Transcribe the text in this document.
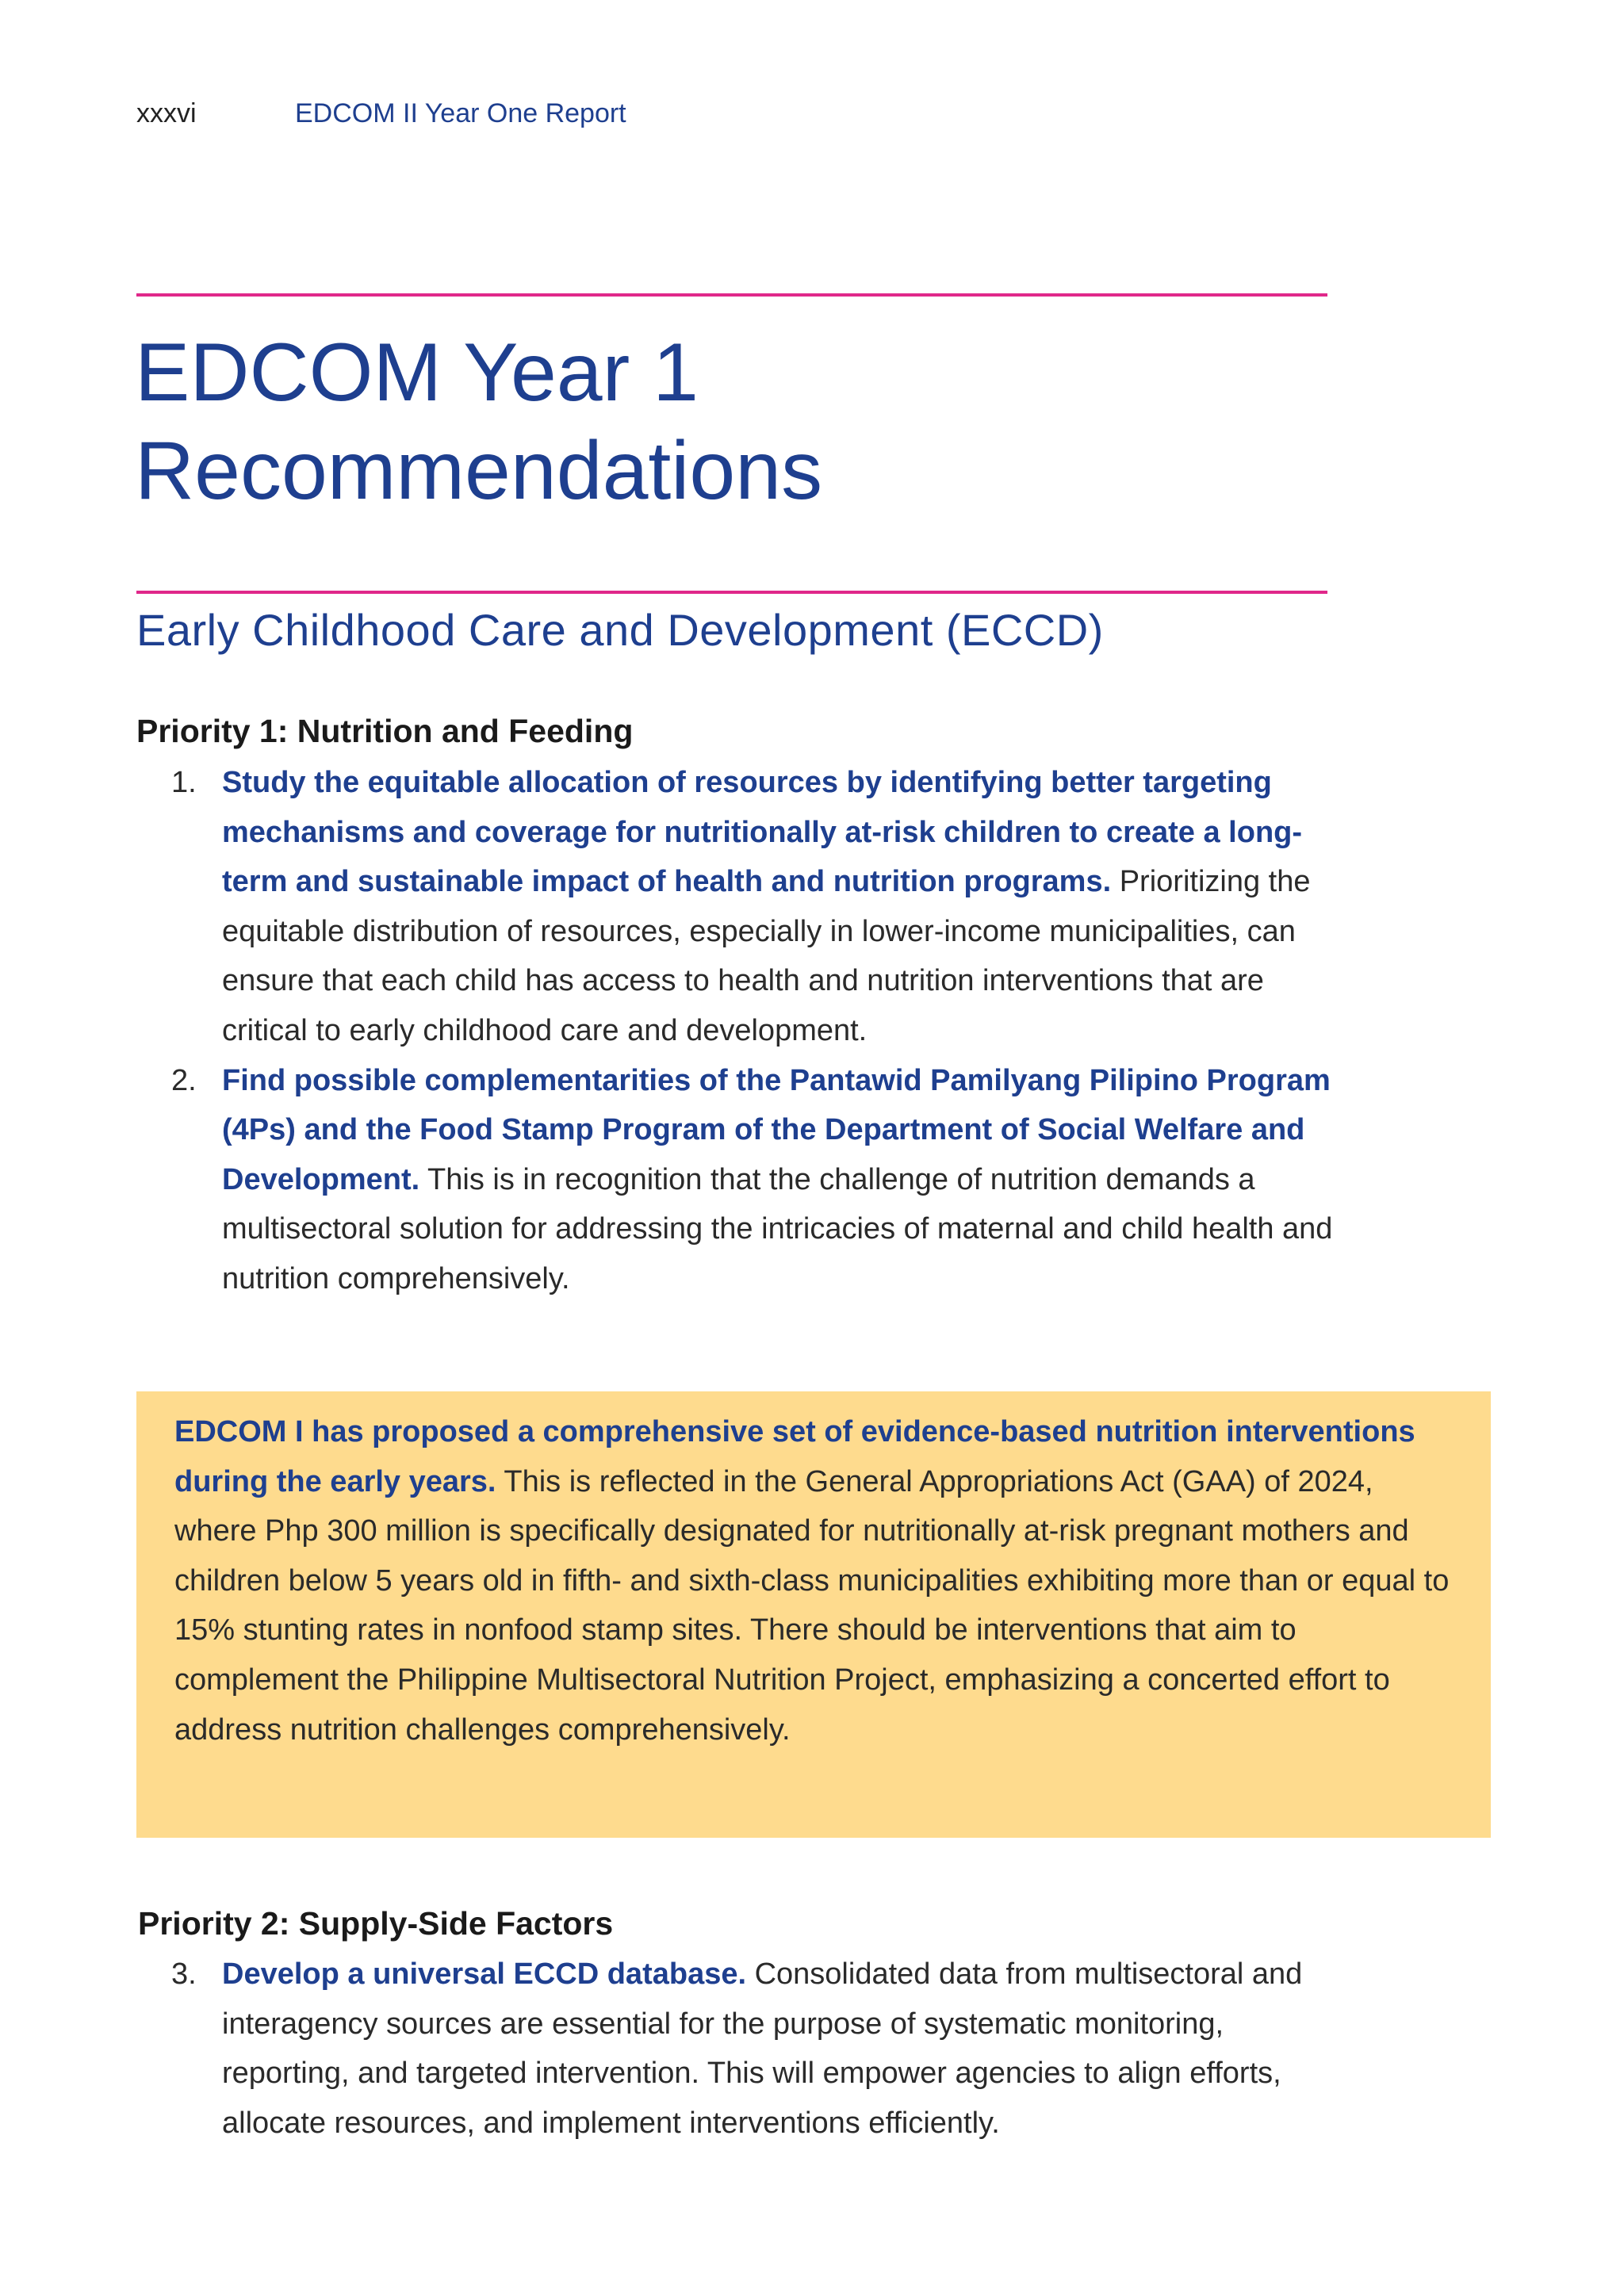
xxxvi	EDCOM II Year One Report
EDCOM Year 1
Recommendations
Early Childhood Care and Development (ECCD)
Priority 1: Nutrition and Feeding
1. Study the equitable allocation of resources by identifying better targeting mechanisms and coverage for nutritionally at-risk children to create a long-term and sustainable impact of health and nutrition programs. Prioritizing the equitable distribution of resources, especially in lower-income municipalities, can ensure that each child has access to health and nutrition interventions that are critical to early childhood care and development.
2. Find possible complementarities of the Pantawid Pamilyang Pilipino Program (4Ps) and the Food Stamp Program of the Department of Social Welfare and Development. This is in recognition that the challenge of nutrition demands a multisectoral solution for addressing the intricacies of maternal and child health and nutrition comprehensively.

EDCOM I has proposed a comprehensive set of evidence-based nutrition interventions during the early years. This is reflected in the General Appropriations Act (GAA) of 2024, where Php 300 million is specifically designated for nutritionally at-risk pregnant mothers and children below 5 years old in fifth- and sixth-class municipalities exhibiting more than or equal to 15% stunting rates in nonfood stamp sites. There should be interventions that aim to complement the Philippine Multisectoral Nutrition Project, emphasizing a concerted effort to address nutrition challenges comprehensively.

Priority 2: Supply-Side Factors
3. Develop a universal ECCD database. Consolidated data from multisectoral and interagency sources are essential for the purpose of systematic monitoring, reporting, and targeted intervention. This will empower agencies to align efforts, allocate resources, and implement interventions efficiently.
